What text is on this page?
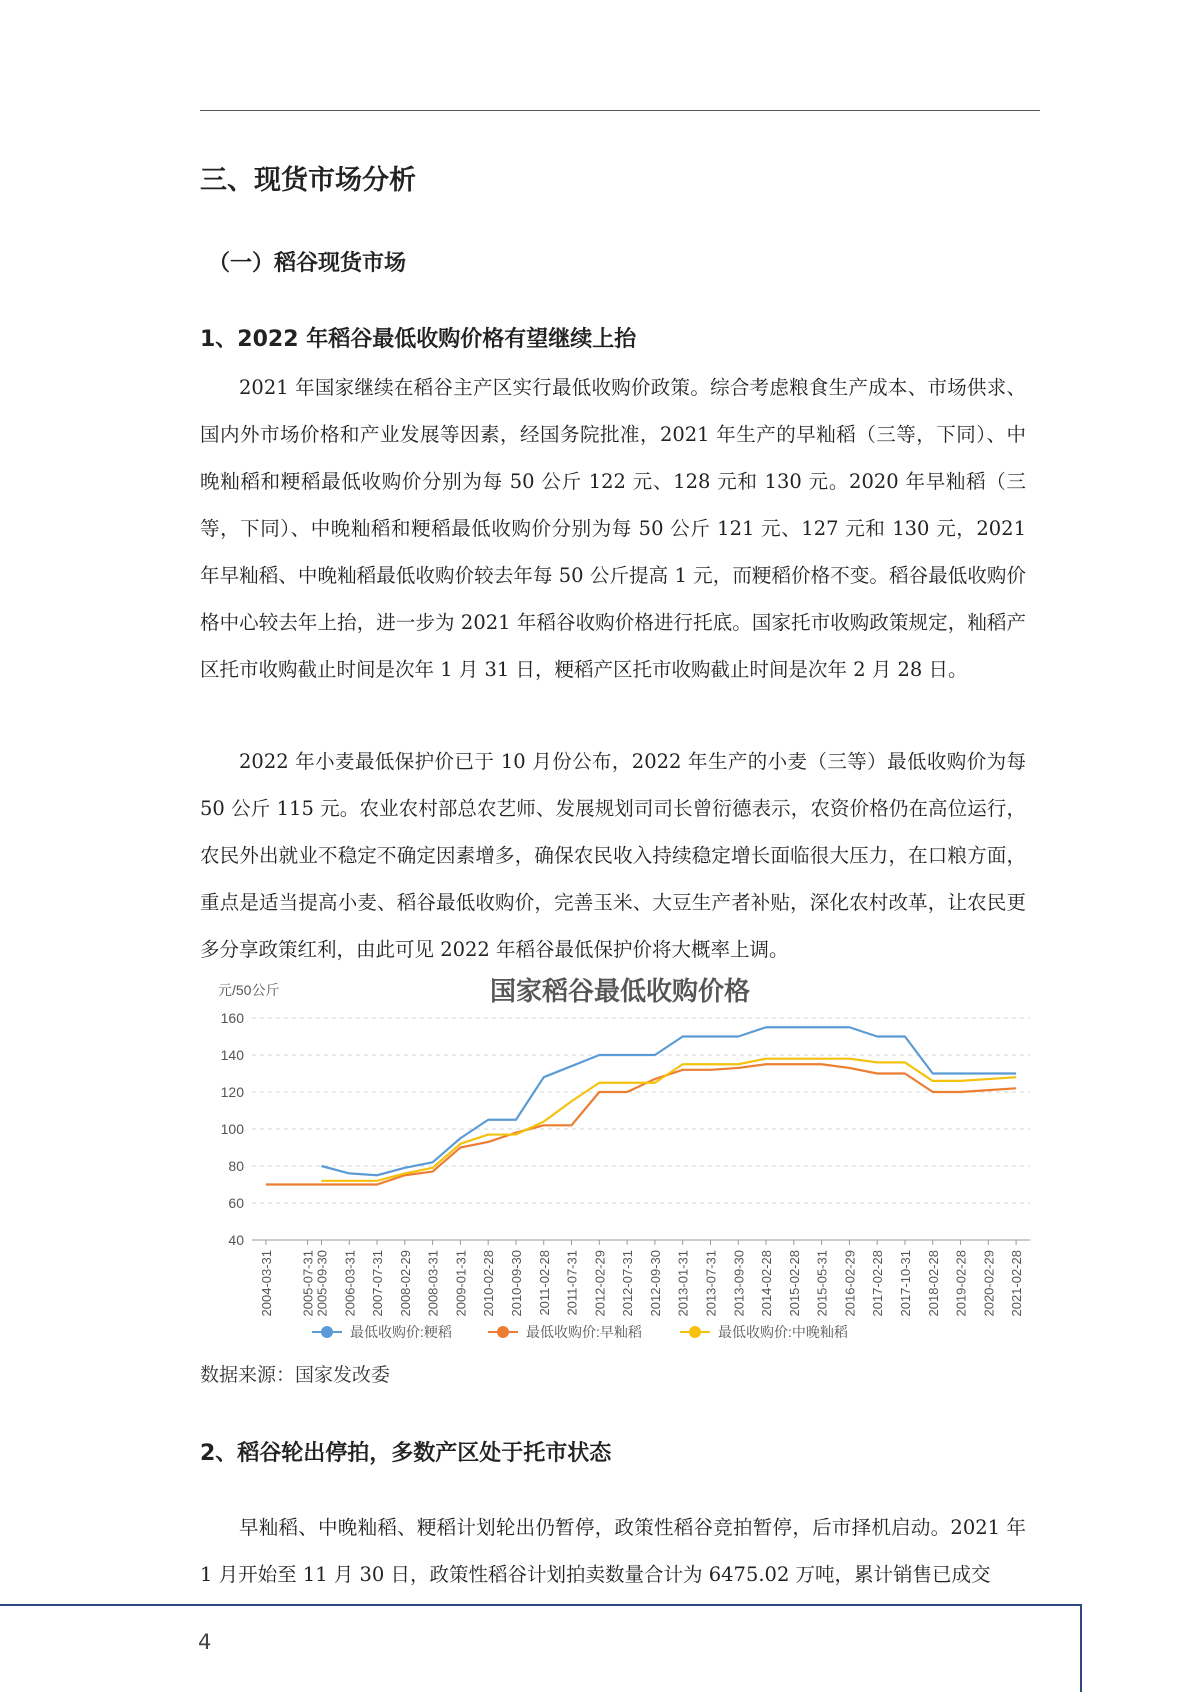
三、现货市场分析
（一）稻谷现货市场
1、2022 年稻谷最低收购价格有望继续上抬

2021 年国家继续在稻谷主产区实行最低收购价政策。综合考虑粮食生产成本、市场供求、 国内外市场价格和产业发展等因素，经国务院批准，2021 年生产的早籼稻（三等，下同）、中晚籼稻和粳稻最低收购价分别为每 50 公斤 122 元、128 元和 130 元。2020 年早籼稻（三等，下同）、中晚籼稻和粳稻最低收购价分别为每 50 公斤 121 元、127 元和 130 元，2021 年早籼稻、中晚籼稻最低收购价较去年每 50 公斤提高 1 元，而粳稻价格不变。稻谷最低收购价格中心较去年上抬，进一步为 2021 年稻谷收购价格进行托底。国家托市收购政策规定，籼稻产区托市收购截止时间是次年 1 月 31 日，粳稻产区托市收购截止时间是次年 2 月 28 日。

2022 年小麦最低保护价已于 10 月份公布，2022 年生产的小麦（三等）最低收购价为每 50 公斤 115 元。农业农村部总农艺师、发展规划司司长曾衍德表示，农资价格仍在高位运行，农民外出就业不稳定不确定因素增多，确保农民收入持续稳定增长面临很大压力，在口粮方面，重点是适当提高小麦、稻谷最低收购价，完善玉米、大豆生产者补贴，深化农村改革，让农民更多分享政策红利，由此可见 2022 年稻谷最低保护价将大概率上调。

元/50公斤	国家稻谷最低收购价格
40
60
80
100
120
140
160
2004-03-31 2005-07-31
2005-09-30 2006-03-31 2007-07-31 2008-02-29 2008-03-31 2009-01-31 2010-02-28 2010-09-30 2011-02-28 2011-07-31 2012-02-29 2012-07-31 2012-09-30 2013-01-31 2013-07-31 2013-09-30 2014-02-28 2015-02-28 2015-05-31 2016-02-29 2017-02-28 2017-10-31 2018-02-28 2019-02-28 2020-02-29 2021-02-28
最低收购价:粳稻	最低收购价:早籼稻	最低收购价:中晚籼稻
数据来源：国家发改委
2、稻谷轮出停拍，多数产区处于托市状态

早籼稻、中晚籼稻、粳稻计划轮出仍暂停，政策性稻谷竞拍暂停，后市择机启动。2021 年 1 月开始至 11 月 30 日，政策性稻谷计划拍卖数量合计为 6475.02 万吨，累计销售已成交

4
